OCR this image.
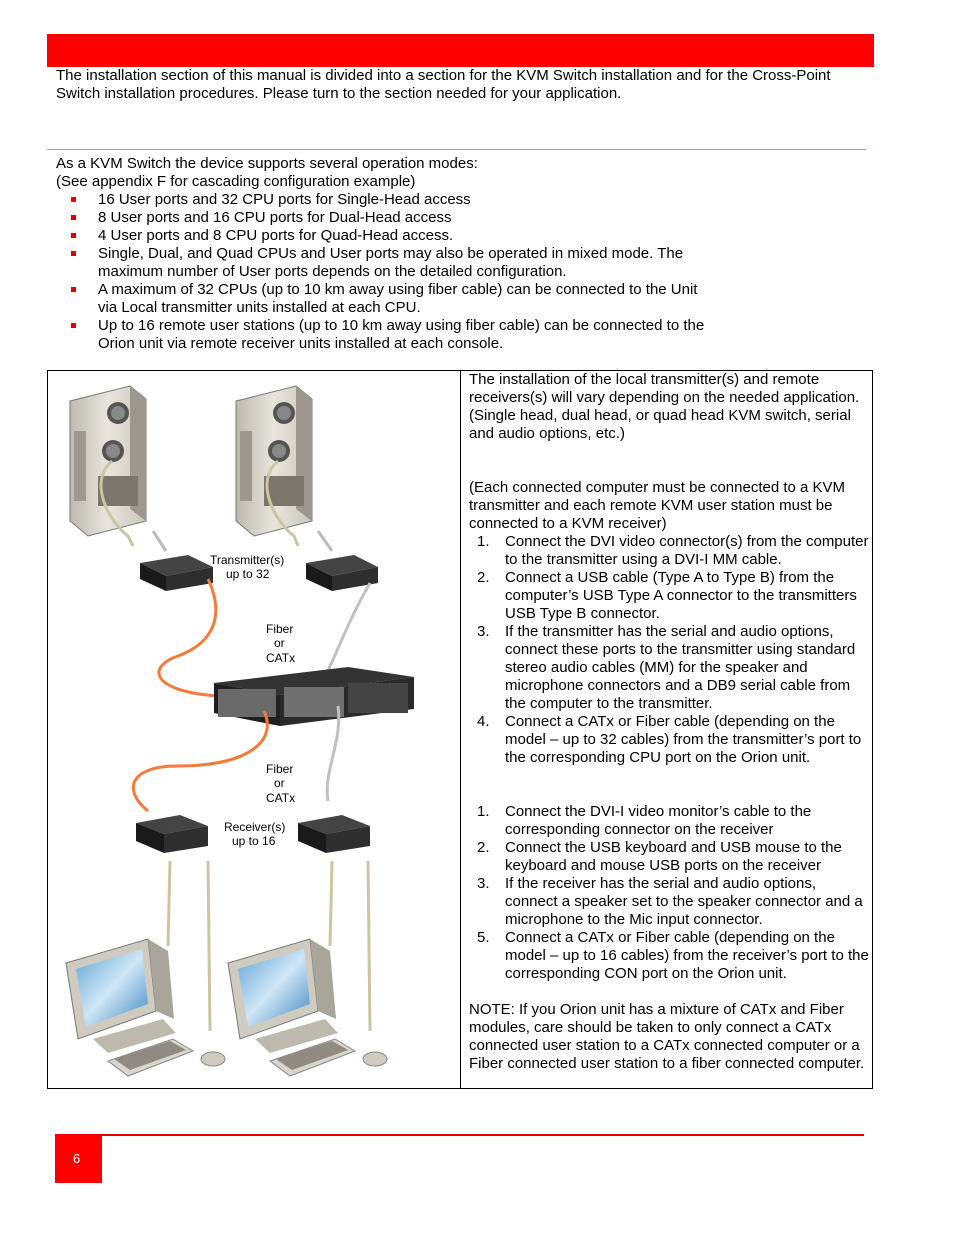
The installation section of this manual is divided into a section for the KVM Switch installation and for the Cross-Point Switch installation procedures. Please turn to the section needed for your application.

As a KVM Switch the device supports several operation modes:
(See appendix F for cascading configuration example)

16 User ports and 32 CPU ports for Single-Head access
8 User ports and 16 CPU ports for Dual-Head access
4 User ports and 8 CPU ports for Quad-Head access.
Single, Dual, and Quad CPUs and User ports may also be operated in mixed mode. The maximum number of User ports depends on the detailed configuration.
A maximum of 32 CPUs (up to 10 km away using fiber cable) can be connected to the Unit via Local transmitter units installed at each CPU.
Up to 16 remote user stations (up to 10 km away using fiber cable) can be connected to the Orion unit via remote receiver units installed at each console.
Transmitter(s)
up to 32
Fiber
or
CATx
Fiber
or
CATx
Receiver(s)
up to 16

The installation of the local transmitter(s) and remote receivers(s) will vary depending on the needed application. (Single head, dual head, or quad head KVM switch, serial and audio options, etc.)

(Each connected computer must be connected to a KVM transmitter and each remote KVM user station must be connected to a KVM receiver)

1. Connect the DVI video connector(s) from the computer to the transmitter using a DVI-I MM cable.
2. Connect a USB cable (Type A to Type B) from the computer’s USB Type A connector to the transmitters USB Type B connector.
3. If the transmitter has the serial and audio options, connect these ports to the transmitter using standard stereo audio cables (MM) for the speaker and microphone connectors and a DB9 serial cable from the computer to the transmitter.
4. Connect a CATx or Fiber cable (depending on the model – up to 32 cables) from the transmitter’s port to the corresponding CPU port on the Orion unit.
1. Connect the DVI-I video monitor’s cable to the corresponding connector on the receiver
2. Connect the USB keyboard and USB mouse to the keyboard and mouse USB ports on the receiver
3. If the receiver has the serial and audio options, connect a speaker set to the speaker connector and a microphone to the Mic input connector.
5. Connect a CATx or Fiber cable (depending on the model – up to 16 cables) from the receiver’s port to the corresponding CON port on the Orion unit.

NOTE: If you Orion unit has a mixture of CATx and Fiber modules, care should be taken to only connect a CATx connected user station to a CATx connected computer or a Fiber connected user station to a fiber connected computer.

6
